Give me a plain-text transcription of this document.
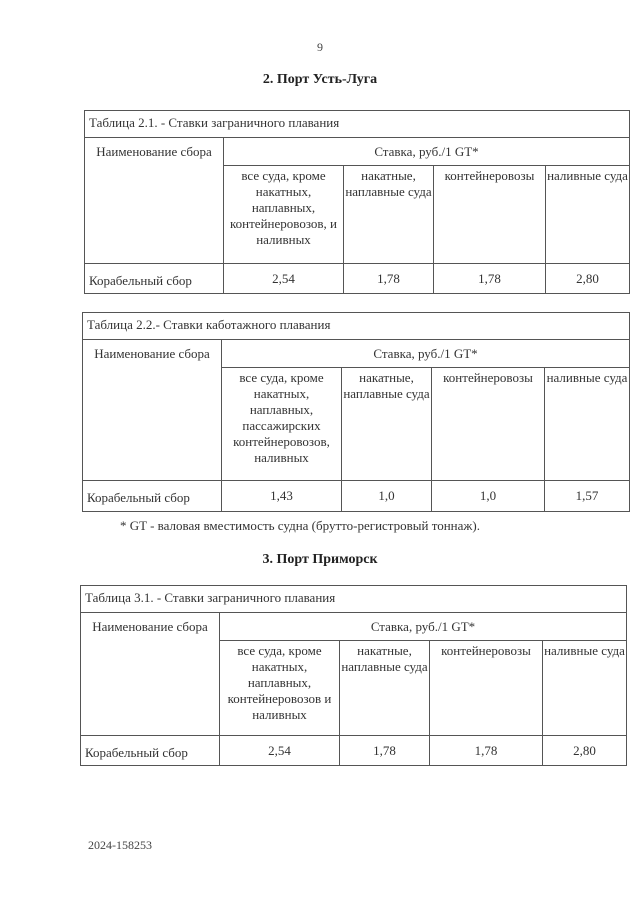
9
2. Порт Усть-Луга
Таблица 2.1. - Ставки заграничного плавания				
Наименование сбора	Ставка, руб./1 GT*			
	все суда, кроме накатных, наплавных, контейнеровозов, и наливных	накатные, наплавные суда	контейнеровозы	наливные суда
Корабельный сбор	2,54	1,78	1,78	2,80
Таблица 2.2.- Ставки каботажного плавания				
Наименование сбора	Ставка, руб./1 GT*			
	все суда, кроме накатных, наплавных, пассажирских контейнеровозов, наливных	накатные, наплавные суда	контейнеровозы	наливные суда
Корабельный сбор	1,43	1,0	1,0	1,57
* GT - валовая вместимость судна (брутто-регистровый тоннаж).
3. Порт Приморск
Таблица 3.1. - Ставки заграничного плавания				
Наименование сбора	Ставка, руб./1 GT*			
	все суда, кроме накатных, наплавных, контейнеровозов и наливных	накатные, наплавные суда	контейнеровозы	наливные суда
Корабельный сбор	2,54	1,78	1,78	2,80
2024-158253
